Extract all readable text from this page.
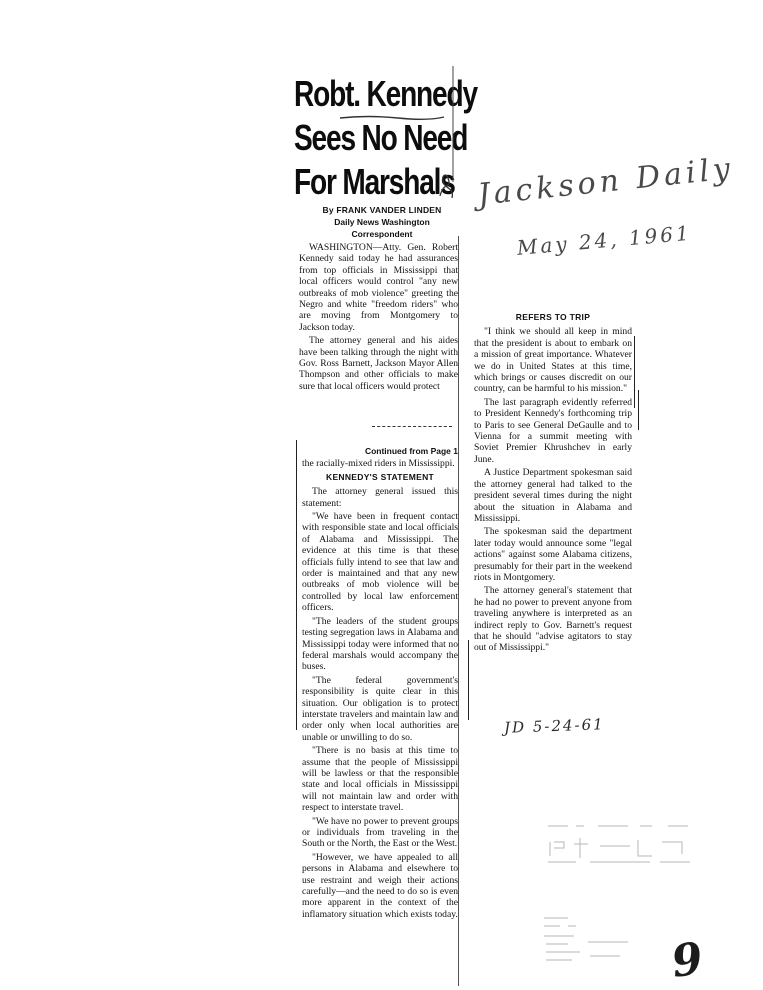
Robt. Kennedy
Sees No Need
For Marshals
By FRANK VANDER LINDEN
Daily News Washington
Correspondent

WASHINGTON—Atty. Gen. Robert Kennedy said today he had assurances from top officials in Mississippi that local officers would control "any new outbreaks of mob violence" greeting the Negro and white "freedom riders" who are moving from Montgomery to Jackson today.

The attorney general and his aides have been talking through the night with Gov. Ross Barnett, Jackson Mayor Allen Thompson and other officials to make sure that local officers would protect

Continued from Page 1

the racially-mixed riders in Mississippi.

KENNEDY'S STATEMENT

The attorney general issued this statement:

"We have been in frequent contact with responsible state and local officials of Alabama and Mississippi. The evidence at this time is that these officials fully intend to see that law and order is maintained and that any new outbreaks of mob violence will be controlled by local law enforcement officers.

"The leaders of the student groups testing segregation laws in Alabama and Mississippi today were informed that no federal marshals would accompany the buses.

"The federal government's responsibility is quite clear in this situation. Our obligation is to protect interstate travelers and maintain law and order only when local authorities are unable or unwilling to do so.

"There is no basis at this time to assume that the people of Mississippi will be lawless or that the responsible state and local officials in Mississippi will not maintain law and order with respect to interstate travel.

"We have no power to prevent groups or individuals from traveling in the South or the North, the East or the West.

"However, we have appealed to all persons in Alabama and elsewhere to use restraint and weigh their actions carefully—and the need to do so is even more apparent in the context of the inflamatory situation which exists today.

REFERS TO TRIP

"I think we should all keep in mind that the president is about to embark on a mission of great importance. Whatever we do in United States at this time, which brings or causes discredit on our country, can be harmful to his mission."

The last paragraph evidently referred to President Kennedy's forthcoming trip to Paris to see General DeGaulle and to Vienna for a summit meeting with Soviet Premier Khrushchev in early June.

A Justice Department spokesman said the attorney general had talked to the president several times during the night about the situation in Alabama and Mississippi.

The spokesman said the department later today would announce some "legal actions" against some Alabama citizens, presumably for their part in the weekend riots in Montgomery.

The attorney general's statement that he had no power to prevent anyone from traveling anywhere is interpreted as an indirect reply to Gov. Barnett's request that he should "advise agitators to stay out of Mississippi."

Jackson Daily
May 24, 1961
JD 5-24-61
9
